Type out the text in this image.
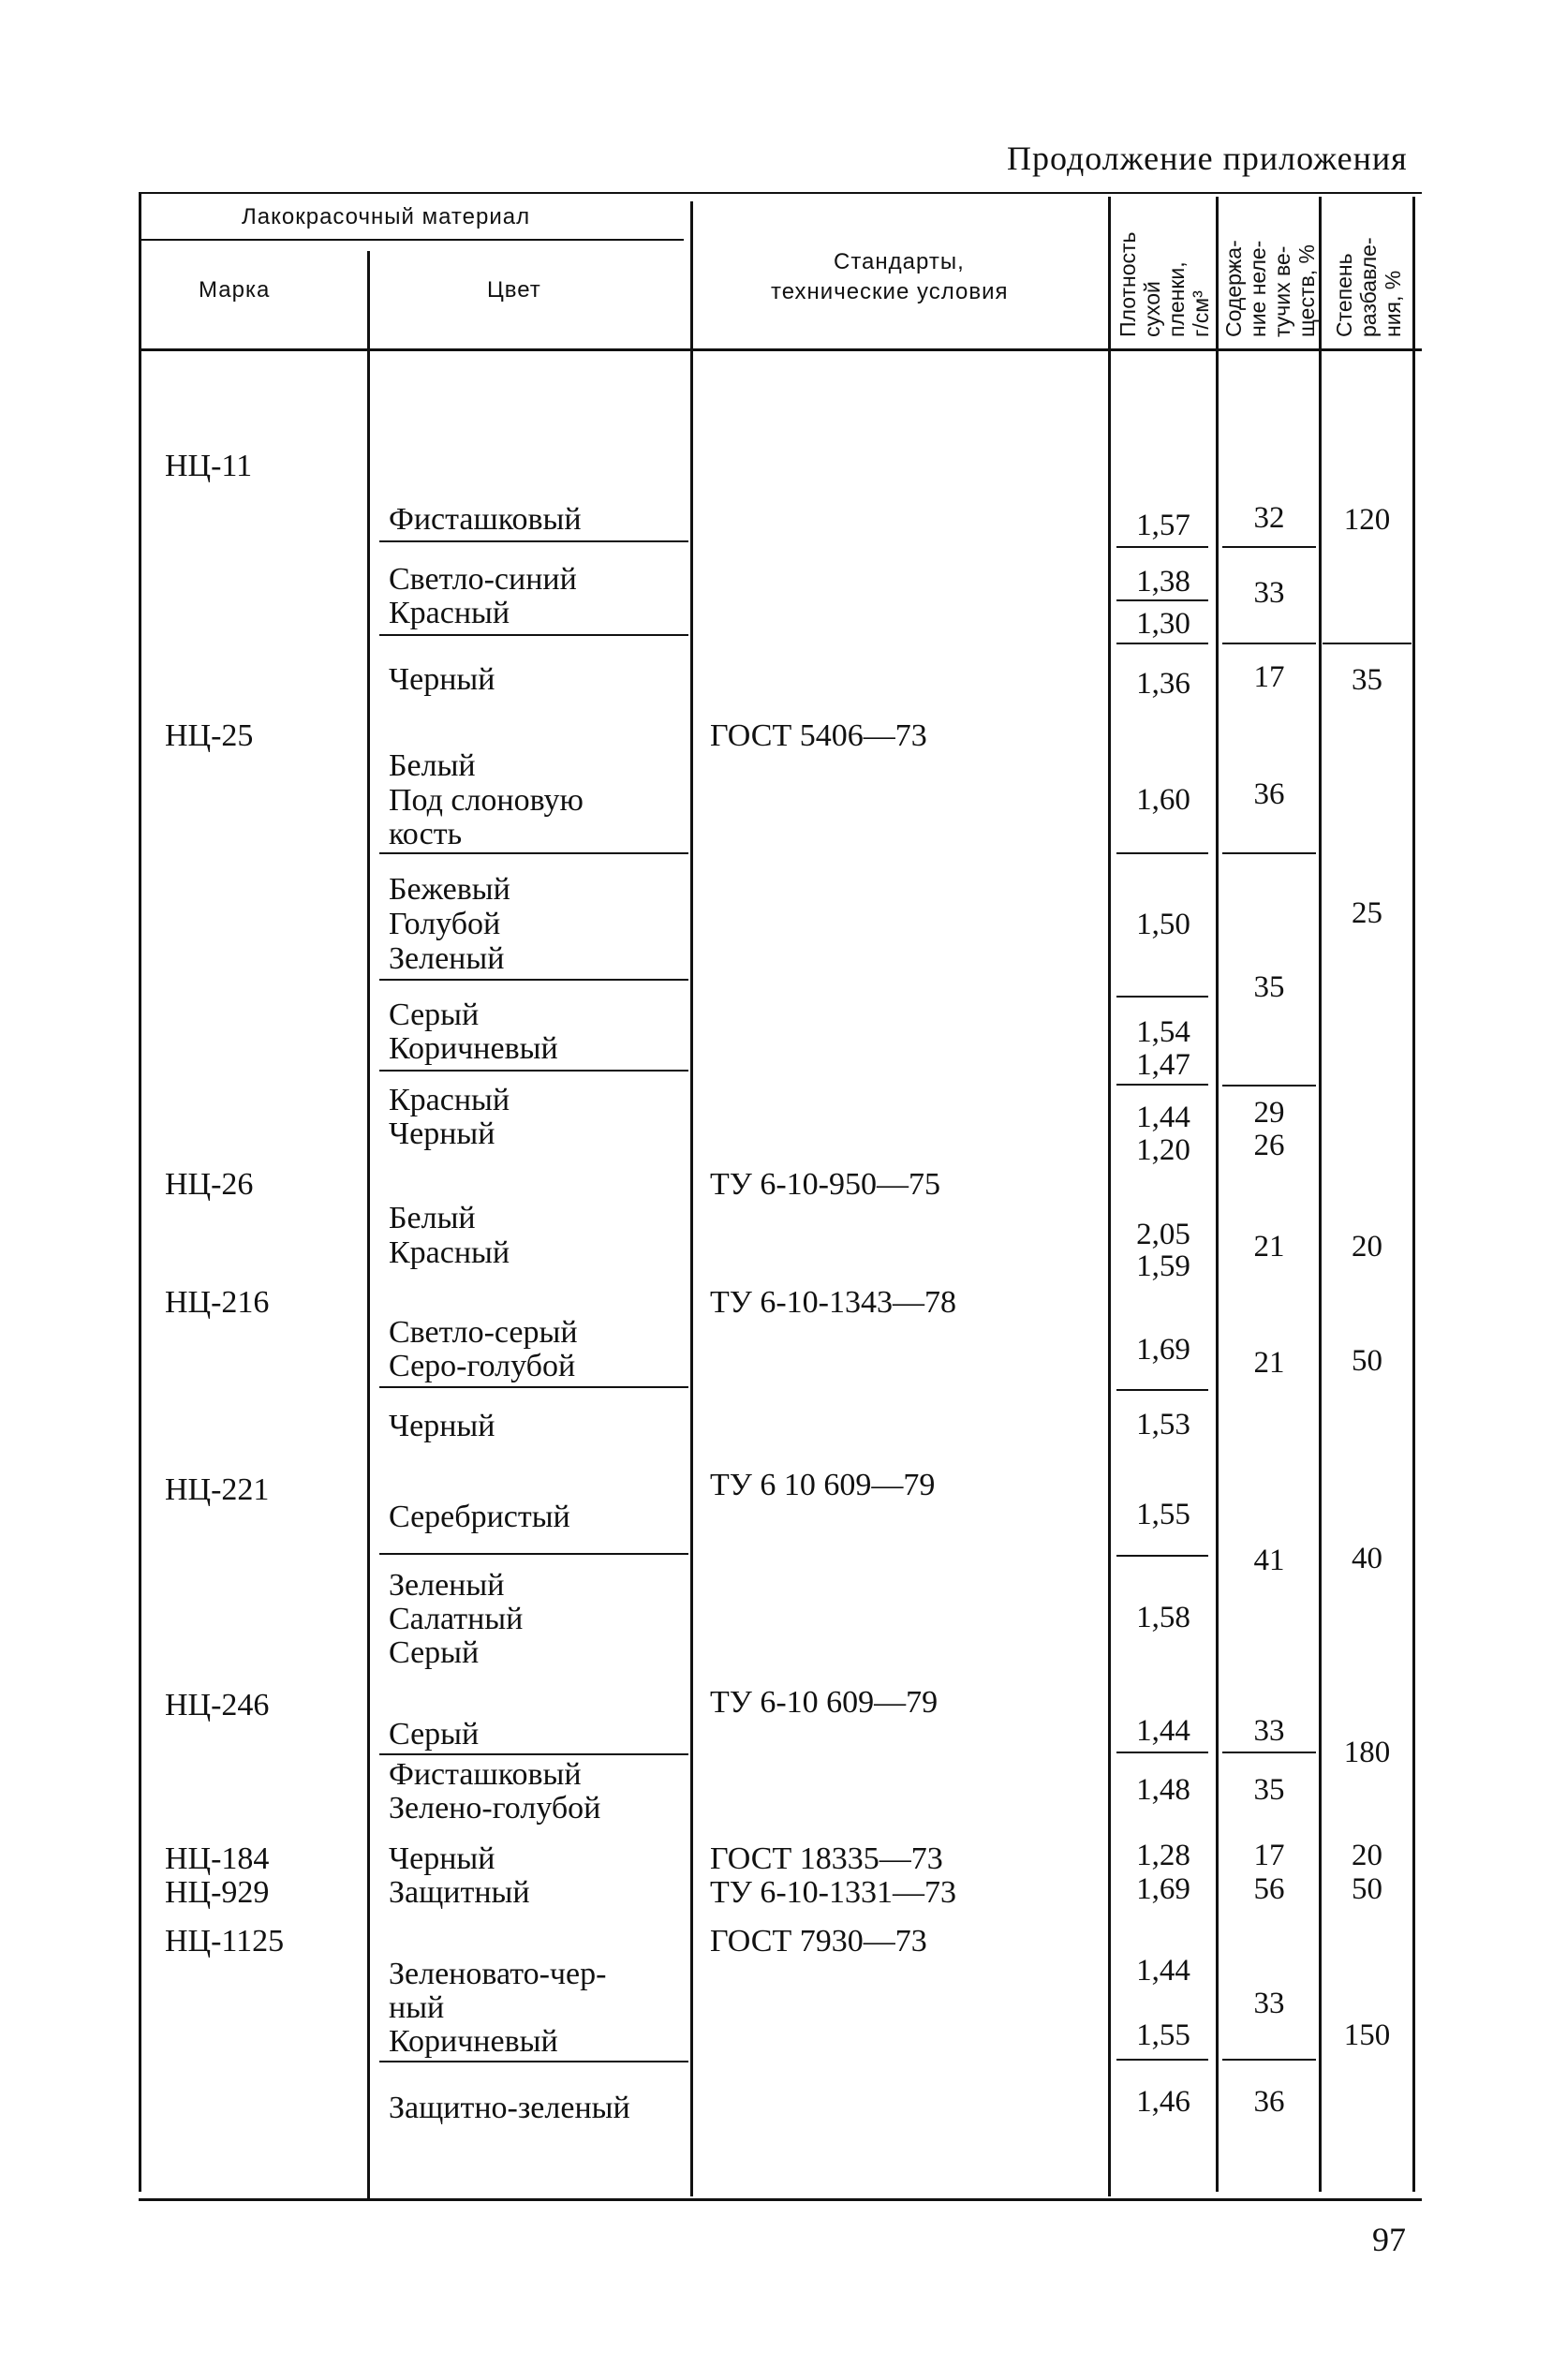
Продолжение приложения
Лакокрасочный материал
Марка	Цвет
Стандарты,
технические условия	Плотность сухой пленки, г/см³ Содержа- ние неле- тучих ве- ществ, % Степень разбавле- ния, %
НЦ-11
НЦ-25
НЦ-26
НЦ-216
НЦ-221
НЦ-246
НЦ-184
НЦ-929
НЦ-1125
ГОСТ 5406—73
ТУ 6-10-950—75
ТУ 6-10-1343—78
ТУ 6 10 609—79
ТУ 6-10 609—79
ГОСТ 18335—73
ТУ 6-10-1331—73
ГОСТ 7930—73
Фисташковый
Светло-синий
Красный
Черный
Белый
Под слоновую
кость
Бежевый
Голубой
Зеленый
Серый
Коричневый
Красный
Черный
Белый
Красный
Светло-серый
Серо-голубой
Черный
Серебристый
Зеленый
Салатный
Серый
Серый
Фисташковый
Зелено-голубой
Черный
Защитный
Зеленовато-чер-
ный
Коричневый
Защитно-зеленый
1,57
1,38
1,30
1,36
1,60
1,50
1,54
1,47
1,44
1,20
2,05
1,59
1,69
1,53
1,55
1,58
1,44
1,48
1,28
1,69
1,44
1,55
1,46
32
33
17
36
35
29
26
21
21
41
33
35
17
56
33
36
120
35
25
20
50
40
180
20
50
150
97
